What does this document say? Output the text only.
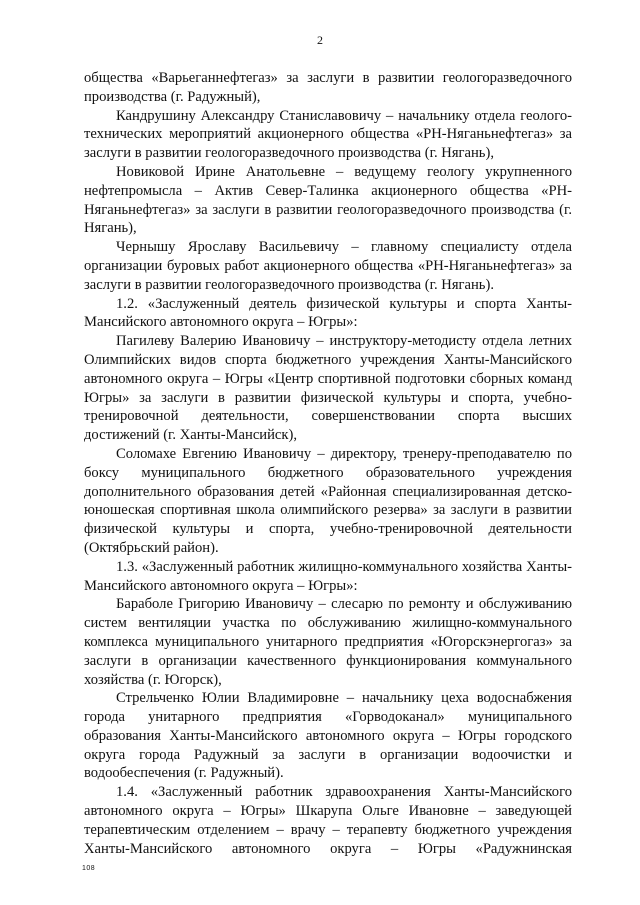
2

общества «Варьеганнефтегаз» за заслуги в развитии геологоразведочного производства (г. Радужный),

Кандрушину Александру Станиславовичу – начальнику отдела геолого-технических мероприятий акционерного общества «РН-Няганьнефтегаз» за заслуги в развитии геологоразведочного производства (г. Нягань),

Новиковой Ирине Анатольевне – ведущему геологу укрупненного нефтепромысла – Актив Север-Талинка акционерного общества «РН-Няганьнефтегаз» за заслуги в развитии геологоразведочного производства (г. Нягань),

Чернышу Ярославу Васильевичу – главному специалисту отдела организации буровых работ акционерного общества «РН-Няганьнефтегаз» за заслуги в развитии геологоразведочного производства (г. Нягань).

1.2. «Заслуженный деятель физической культуры и спорта Ханты-Мансийского автономного округа – Югры»:

Пагилеву Валерию Ивановичу – инструктору-методисту отдела летних Олимпийских видов спорта бюджетного учреждения Ханты-Мансийского автономного округа – Югры «Центр спортивной подготовки сборных команд Югры» за заслуги в развитии физической культуры и спорта, учебно-тренировочной деятельности, совершенствовании спорта высших достижений (г. Ханты-Мансийск),

Соломахе Евгению Ивановичу – директору, тренеру-преподавателю по боксу муниципального бюджетного образовательного учреждения дополнительного образования детей «Районная специализированная детско-юношеская спортивная школа олимпийского резерва» за заслуги в развитии физической культуры и спорта, учебно-тренировочной деятельности (Октябрьский район).

1.3. «Заслуженный работник жилищно-коммунального хозяйства Ханты-Мансийского автономного округа – Югры»:

Бараболе Григорию Ивановичу – слесарю по ремонту и обслуживанию систем вентиляции участка по обслуживанию жилищно-коммунального комплекса муниципального унитарного предприятия «Югорскэнергогаз» за заслуги в организации качественного функционирования коммунального хозяйства (г. Югорск),

Стрельченко Юлии Владимировне – начальнику цеха водоснабжения города унитарного предприятия «Горводоканал» муниципального образования Ханты-Мансийского автономного округа – Югры городского округа города Радужный за заслуги в организации водоочистки и водообеспечения (г. Радужный).

1.4. «Заслуженный работник здравоохранения Ханты-Мансийского автономного округа – Югры» Шкарупа Ольге Ивановне – заведующей терапевтическим отделением – врачу – терапевту бюджетного учреждения Ханты-Мансийского автономного округа – Югры «Радужнинская

108
